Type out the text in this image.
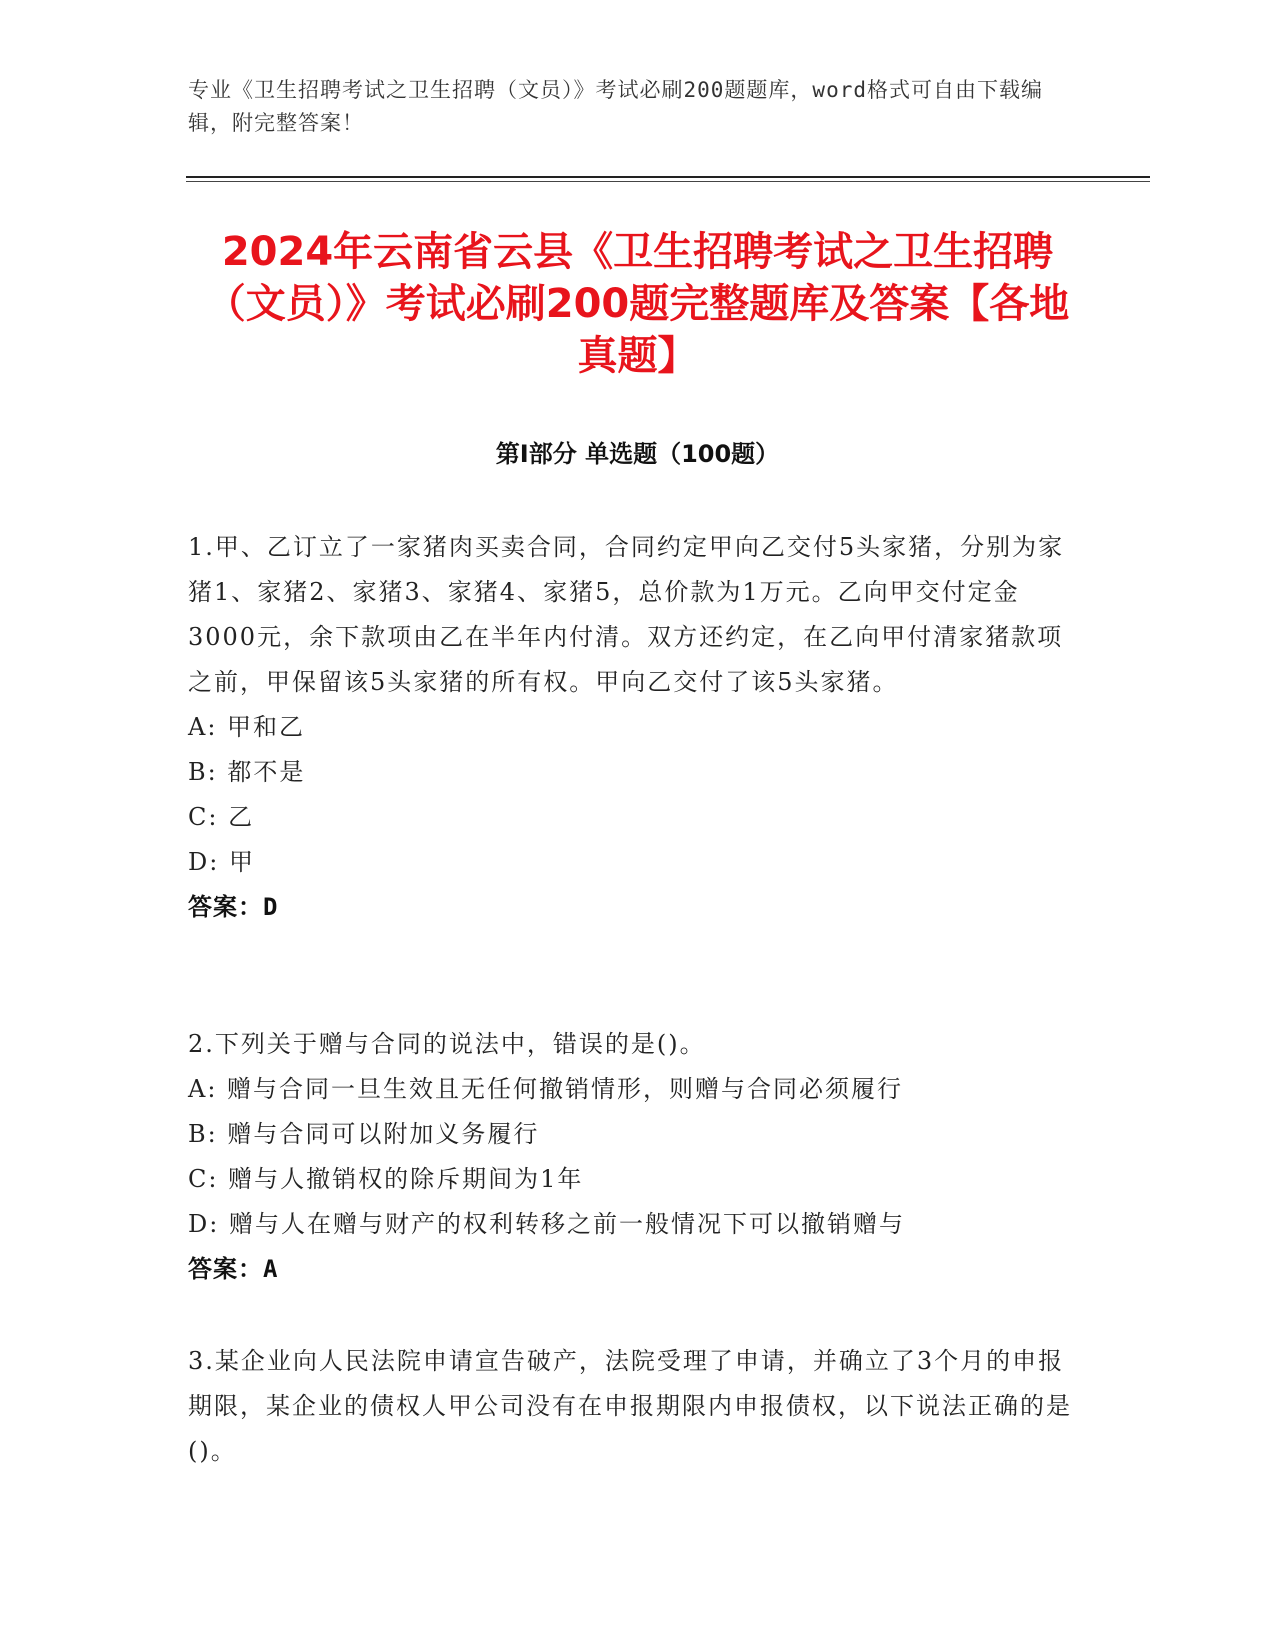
专业《卫生招聘考试之卫生招聘（文员）》考试必刷200题题库，word格式可自由下载编辑，附完整答案！
2024年云南省云县《卫生招聘考试之卫生招聘（文员）》考试必刷200题完整题库及答案【各地真题】
第Ⅰ部分 单选题（100题）
1.甲、乙订立了一家猪肉买卖合同，合同约定甲向乙交付5头家猪，分别为家猪1、家猪2、家猪3、家猪4、家猪5，总价款为1万元。乙向甲交付定金3000元，余下款项由乙在半年内付清。双方还约定，在乙向甲付清家猪款项之前，甲保留该5头家猪的所有权。甲向乙交付了该5头家猪。
A: 甲和乙
B: 都不是
C: 乙
D: 甲
答案：D
2.下列关于赠与合同的说法中，错误的是()。
A: 赠与合同一旦生效且无任何撤销情形，则赠与合同必须履行
B: 赠与合同可以附加义务履行
C: 赠与人撤销权的除斥期间为1年
D: 赠与人在赠与财产的权利转移之前一般情况下可以撤销赠与
答案：A
3.某企业向人民法院申请宣告破产，法院受理了申请，并确立了3个月的申报期限，某企业的债权人甲公司没有在申报期限内申报债权，以下说法正确的是()。
